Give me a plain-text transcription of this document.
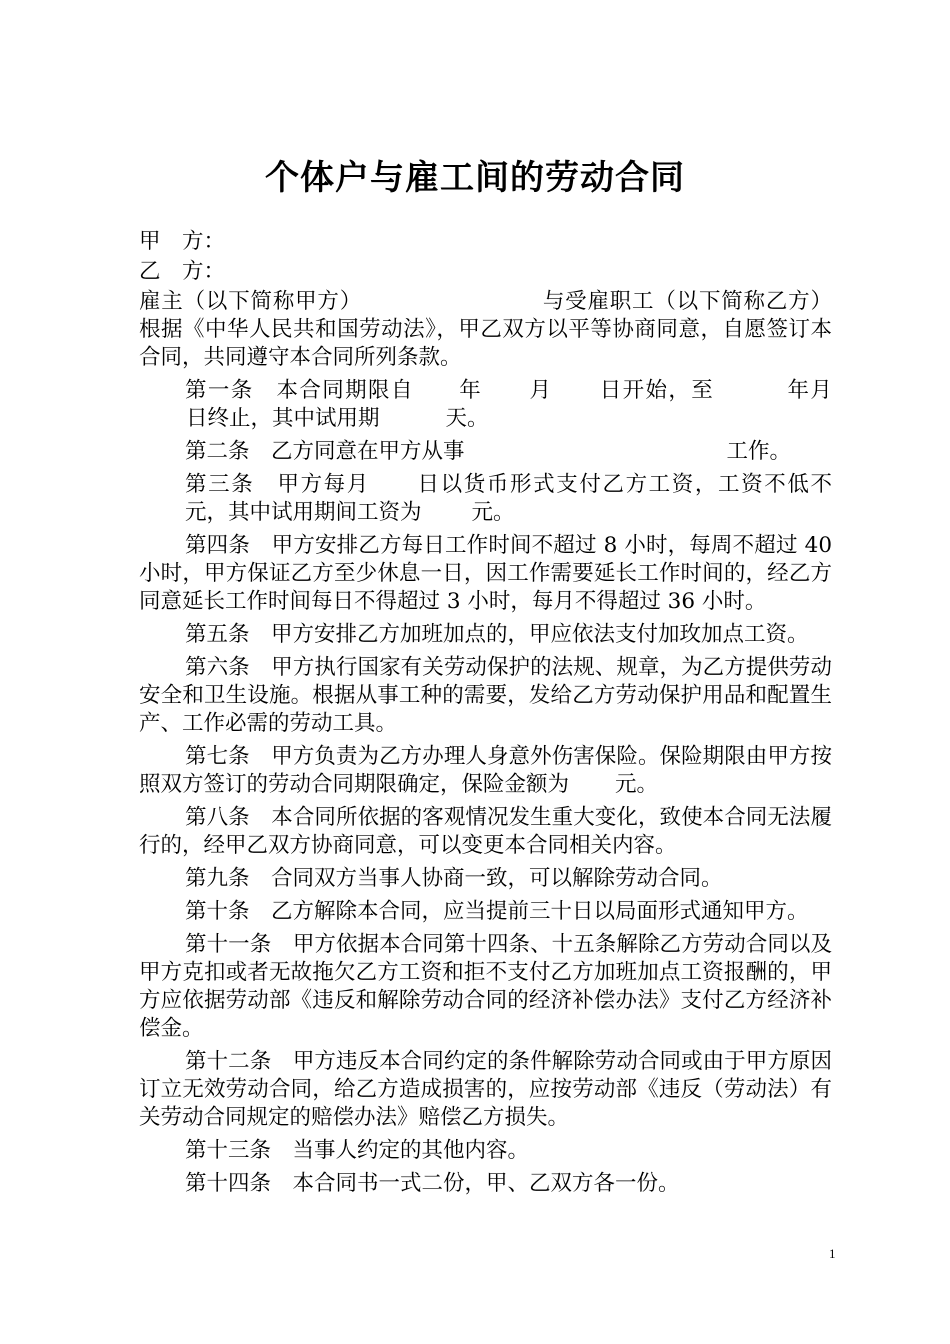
个体户与雇工间的劳动合同
甲　方：
乙　方：

雇主（以下简称甲方）	与受雇职工（以下简称乙方）根据《中华人民共和国劳动法》，甲乙双方以平等协商同意，自愿签订本合同，共同遵守本合同所列条款。

第一条　本合同期限自 年 月 日开始，至	年月日终止，其中试用期	天。

第二条　乙方同意在甲方从事	工作。

第三条　甲方每月 日以货币形式支付乙方工资，工资不低不元，其中试用期间工资为 元。

第四条　甲方安排乙方每日工作时间不超过 8 小时，每周不超过 40 小时，甲方保证乙方至少休息一日，因工作需要延长工作时间的，经乙方同意延长工作时间每日不得超过 3 小时，每月不得超过 36 小时。

第五条　甲方安排乙方加班加点的，甲应依法支付加玫加点工资。

第六条　甲方执行国家有关劳动保护的法规、规章，为乙方提供劳动安全和卫生设施。根据从事工种的需要，发给乙方劳动保护用品和配置生产、工作必需的劳动工具。

第七条　甲方负责为乙方办理人身意外伤害保险。保险期限由甲方按照双方签订的劳动合同期限确定，保险金额为 元。

第八条　本合同所依据的客观情况发生重大变化，致使本合同无法履行的，经甲乙双方协商同意，可以变更本合同相关内容。

第九条　合同双方当事人协商一致，可以解除劳动合同。

第十条　乙方解除本合同，应当提前三十日以局面形式通知甲方。

第十一条　甲方依据本合同第十四条、十五条解除乙方劳动合同以及甲方克扣或者无故拖欠乙方工资和拒不支付乙方加班加点工资报酬的，甲方应依据劳动部《违反和解除劳动合同的经济补偿办法》支付乙方经济补偿金。

第十二条　甲方违反本合同约定的条件解除劳动合同或由于甲方原因订立无效劳动合同，给乙方造成损害的，应按劳动部《违反（劳动法）有关劳动合同规定的赔偿办法》赔偿乙方损失。

第十三条　当事人约定的其他内容。

第十四条　本合同书一式二份，甲、乙双方各一份。

1
